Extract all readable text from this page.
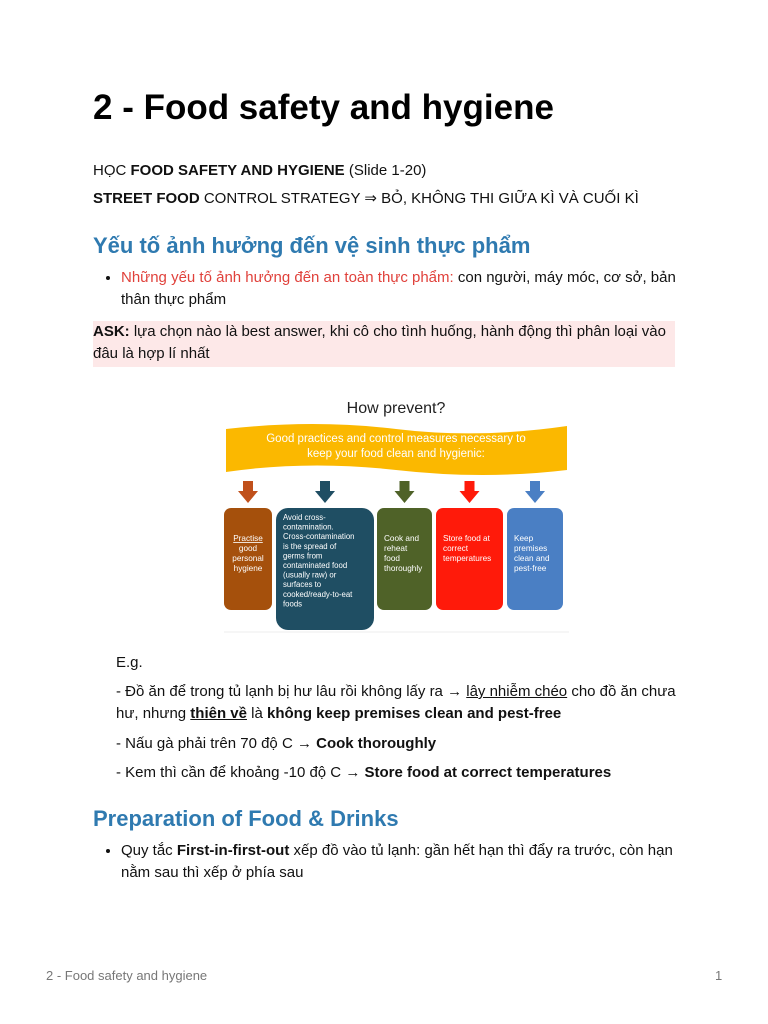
2 - Food safety and hygiene
HỌC FOOD SAFETY AND HYGIENE (Slide 1-20)
STREET FOOD CONTROL STRATEGY ⇒ BỎ, KHÔNG THI GIỮA KÌ VÀ CUỐI KÌ
Yếu tố ảnh hưởng đến vệ sinh thực phẩm
• Những yếu tố ảnh hưởng đến an toàn thực phẩm: con người, máy móc, cơ sở, bản thân thực phẩm
ASK: lựa chọn nào là best answer, khi cô cho tình huống, hành động thì phân loại vào đâu là hợp lí nhất
How prevent?
Good practices and control measures necessary to
keep your food clean and hygienic:
Practise
good
personal
hygiene
Avoid cross-
contamination.
Cross-contamination
is the spread of
germs from
contaminated food
(usually raw) or
surfaces to
cooked/ready-to-eat
foods
Cook and
reheat
food
thoroughly
Store food at
correct
temperatures
Keep
premises
clean and
pest-free
E.g.
- Đồ ăn để trong tủ lạnh bị hư lâu rồi không lấy ra → lây nhiễm chéo cho đồ ăn chưa hư, nhưng thiên về là không keep premises clean and pest-free
- Nấu gà phải trên 70 độ C → Cook thoroughly
- Kem thì cần để khoảng -10 độ C → Store food at correct temperatures
Preparation of Food & Drinks
• Quy tắc First-in-first-out xếp đồ vào tủ lạnh: gần hết hạn thì đẩy ra trước, còn hạn nằm sau thì xếp ở phía sau
2 - Food safety and hygiene	1
